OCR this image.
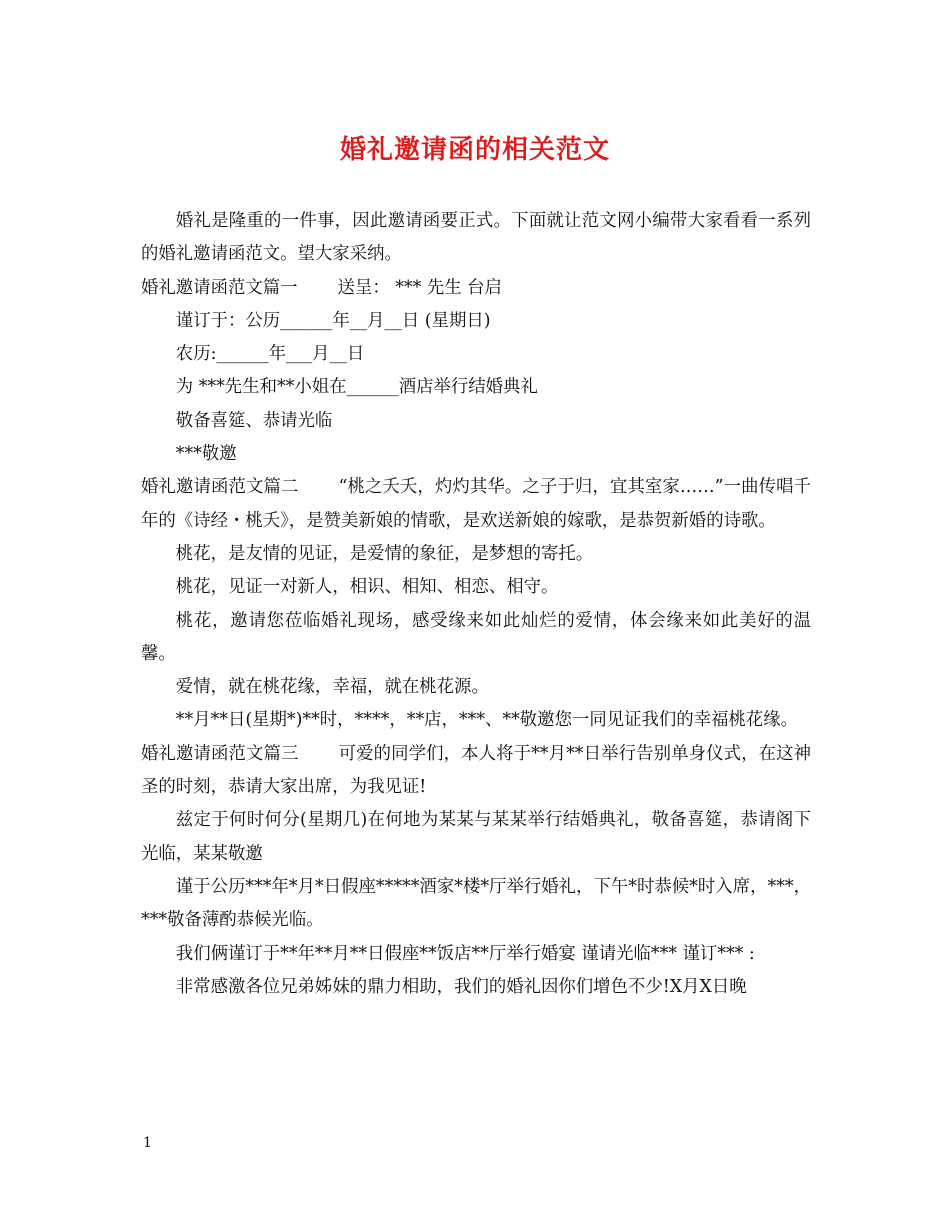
婚礼邀请函的相关范文

婚礼是隆重的一件事，因此邀请函要正式。下面就让范文网小编带大家看看一系列的婚礼邀请函范文。望大家采纳。

婚礼邀请函范文篇一 送呈： *** 先生 台启

谨订于：公历______年__月__日 (星期日)

农历:______年___月__日

为 ***先生和**小姐在______酒店举行结婚典礼

敬备喜筵、恭请光临

***敬邀

婚礼邀请函范文篇二 “桃之夭夭，灼灼其华。之子于归，宜其室家……”一曲传唱千年的《诗经・桃夭》，是赞美新娘的情歌，是欢送新娘的嫁歌，是恭贺新婚的诗歌。

桃花，是友情的见证，是爱情的象征，是梦想的寄托。

桃花，见证一对新人，相识、相知、相恋、相守。

桃花，邀请您莅临婚礼现场，感受缘来如此灿烂的爱情，体会缘来如此美好的温馨。

爱情，就在桃花缘，幸福，就在桃花源。

**月**日(星期*)**时，****，**店，***、**敬邀您一同见证我们的幸福桃花缘。

婚礼邀请函范文篇三 可爱的同学们，本人将于**月**日举行告别单身仪式，在这神圣的时刻，恭请大家出席，为我见证!

兹定于何时何分(星期几)在何地为某某与某某举行结婚典礼，敬备喜筵，恭请阁下光临，某某敬邀

谨于公历***年*月*日假座*****酒家*楼*厅举行婚礼，下午*时恭候*时入席，***，***敬备薄酌恭候光临。

我们俩谨订于**年**月**日假座**饭店**厅举行婚宴 谨请光临*** 谨订*** :

非常感激各位兄弟姊妹的鼎力相助，我们的婚礼因你们增色不少!X月X日晚

1
